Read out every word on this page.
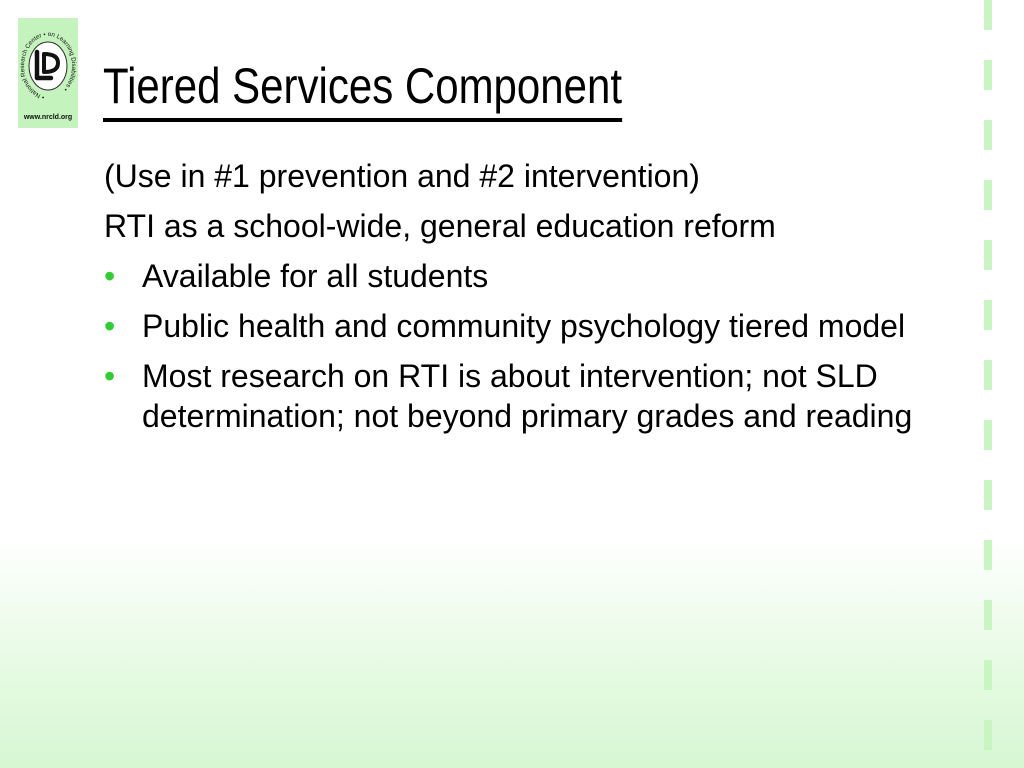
• National Research Center • on Learning Disabilities •
www.nrcld.org
Tiered Services Component

(Use in #1 prevention and #2 intervention)

RTI as a school-wide, general education reform

• Available for all students
• Public health and community psychology tiered model
• Most research on RTI is about intervention; not SLD determination; not beyond primary grades and reading
